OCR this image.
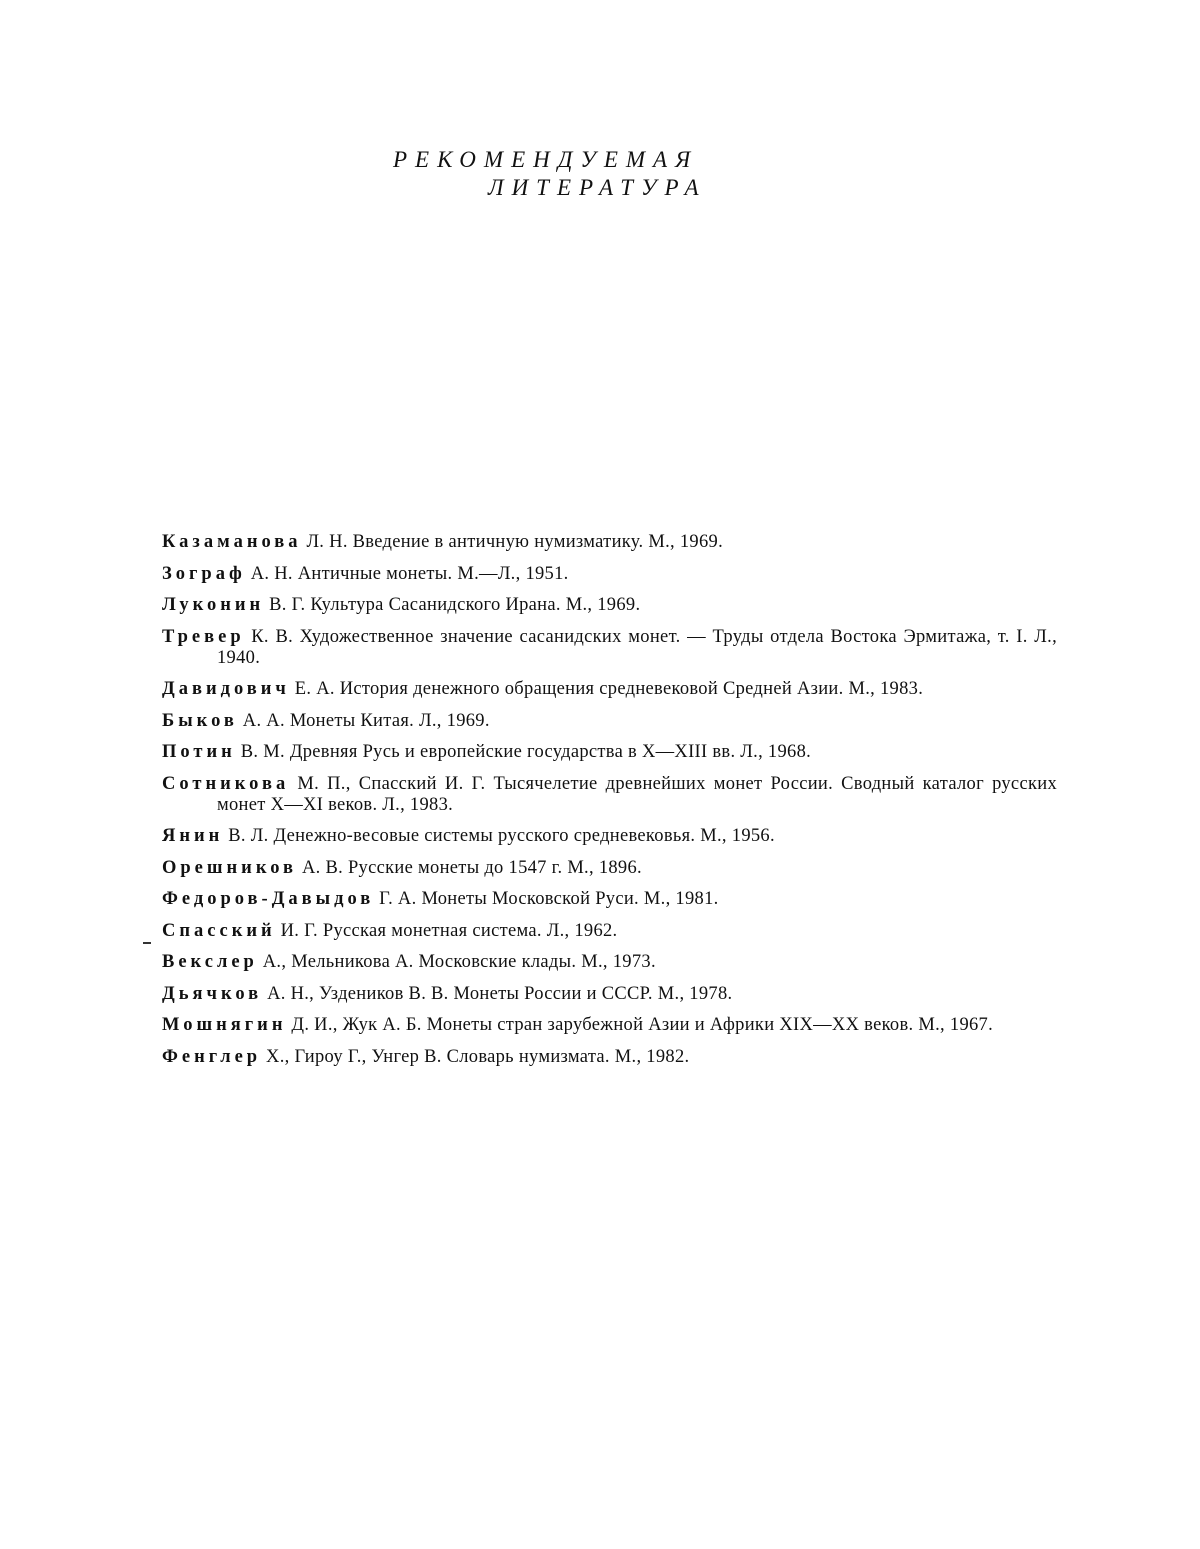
РЕКОМЕНДУЕМАЯ
ЛИТЕРАТУРА
Казаманова Л. Н. Введение в античную нумизматику. М., 1969.
Зограф А. Н. Античные монеты. М.—Л., 1951.
Луконин В. Г. Культура Сасанидского Ирана. М., 1969.
Тревер К. В. Художественное значение сасанидских монет. — Труды отдела Востока Эрмитажа, т. I. Л., 1940.
Давидович Е. А. История денежного обращения средневековой Средней Азии. М., 1983.
Быков А. А. Монеты Китая. Л., 1969.
Потин В. М. Древняя Русь и европейские государства в X—XIII вв. Л., 1968.
Сотникова М. П., Спасский И. Г. Тысячелетие древнейших монет России. Сводный каталог русских монет X—XI веков. Л., 1983.
Янин В. Л. Денежно-весовые системы русского средневековья. М., 1956.
Орешников А. В. Русские монеты до 1547 г. М., 1896.
Федоров-Давыдов Г. А. Монеты Московской Руси. М., 1981.
Спасский И. Г. Русская монетная система. Л., 1962.
Векслер А., Мельникова А. Московские клады. М., 1973.
Дьячков А. Н., Уздеников В. В. Монеты России и СССР. М., 1978.
Мошнягин Д. И., Жук А. Б. Монеты стран зарубежной Азии и Африки XIX—XX веков. М., 1967.
Фенглер Х., Гироу Г., Унгер В. Словарь нумизмата. М., 1982.
